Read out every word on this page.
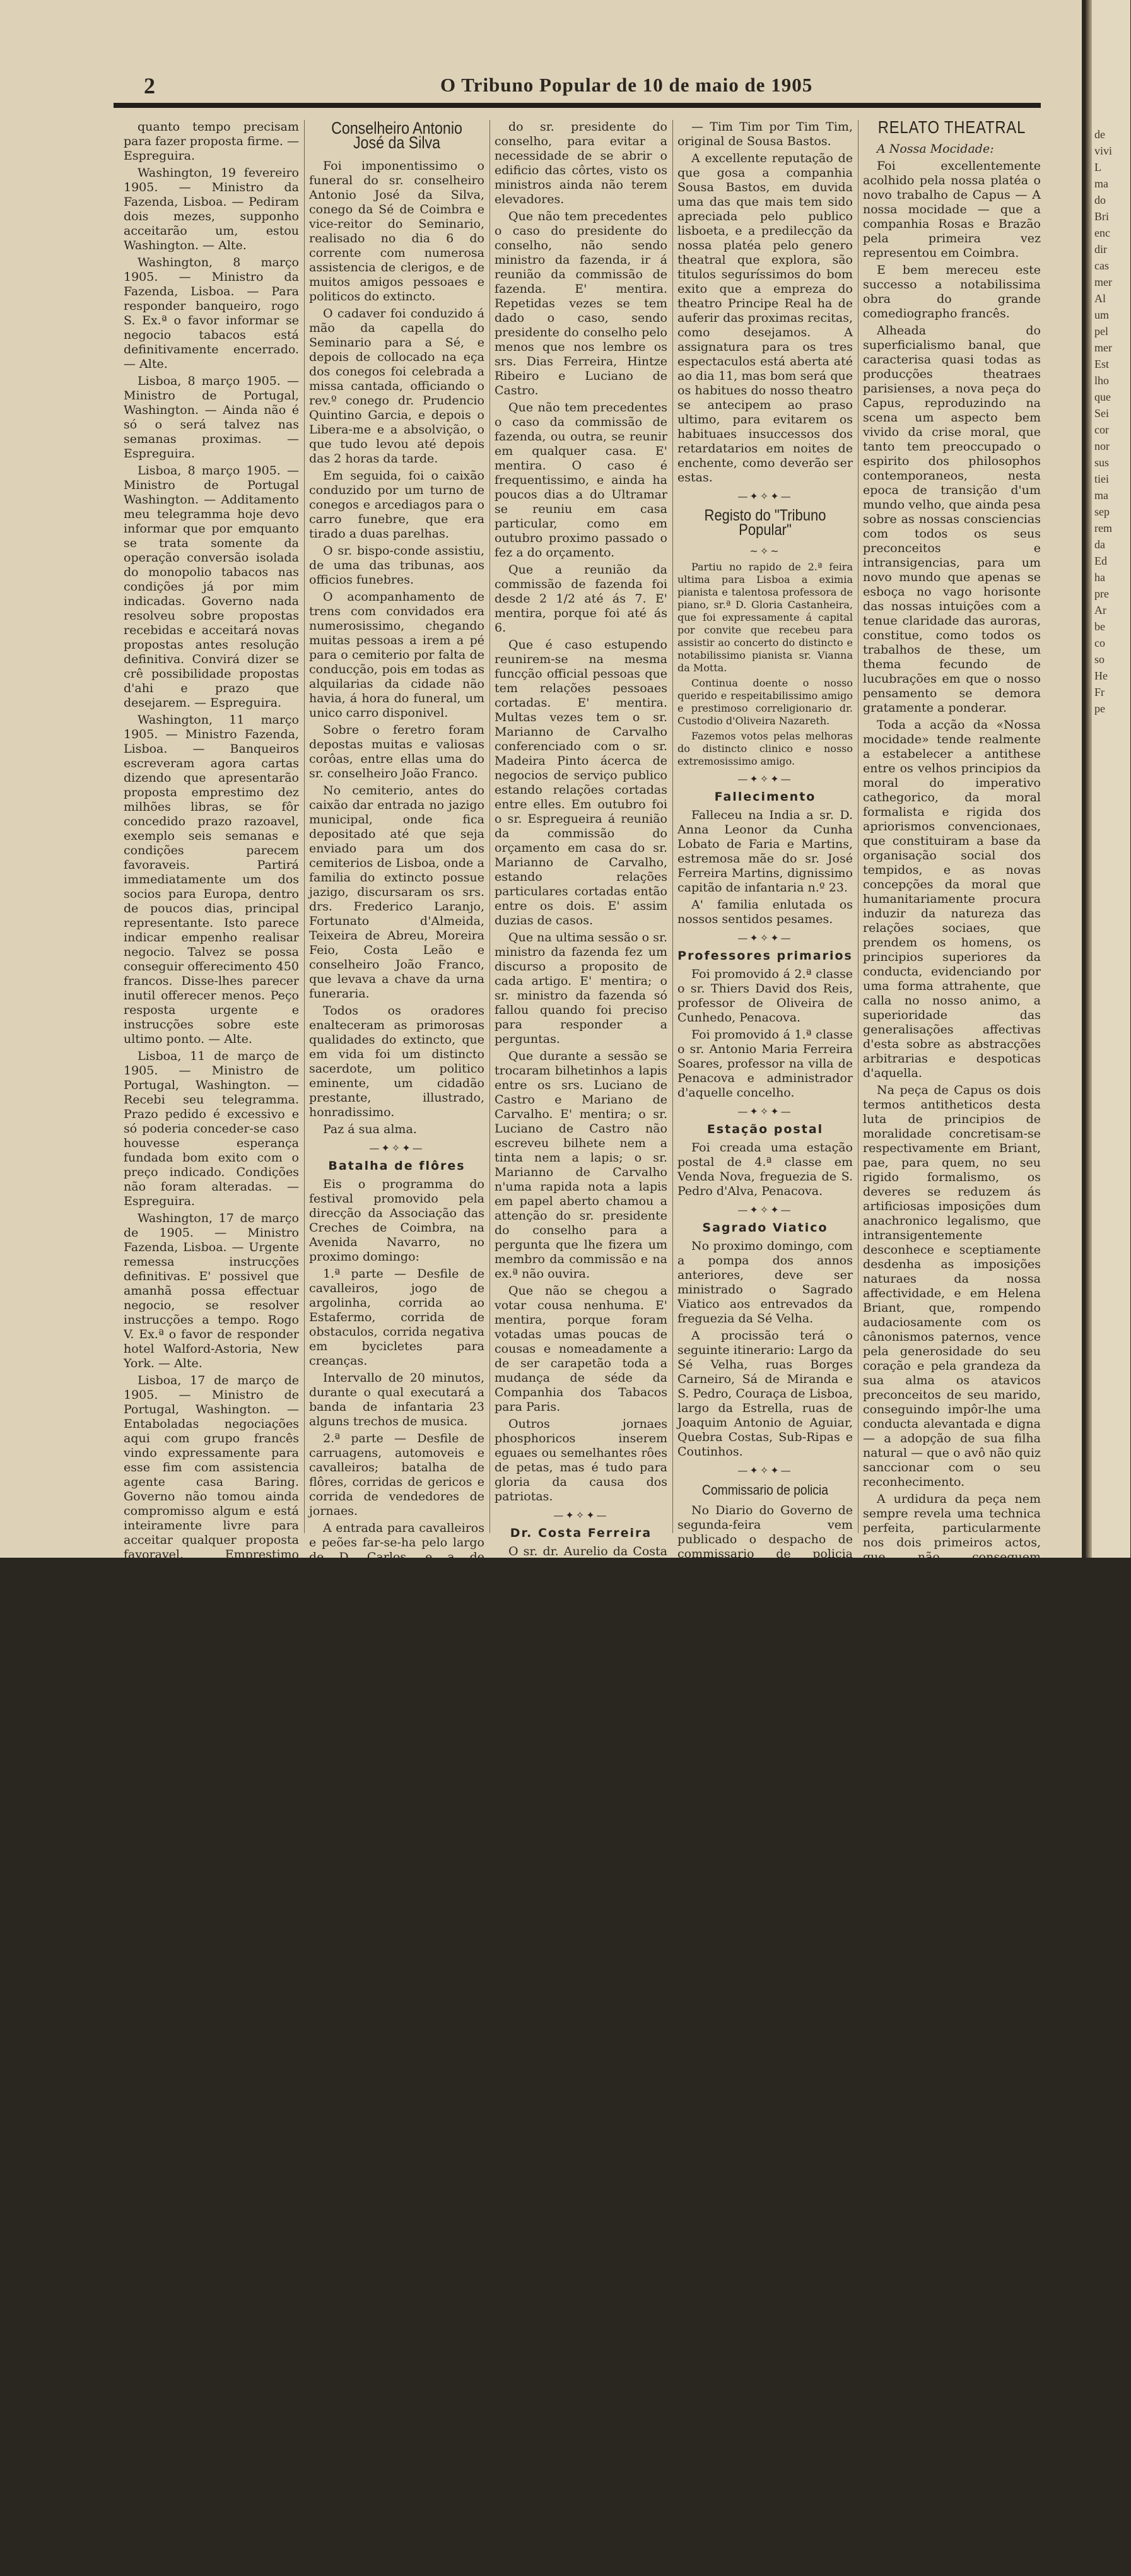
2	O Tribuno Popular de 10 de maio de 1905

quanto tempo precisam para fazer proposta firme. — Espreguira.

Washington, 19 fevereiro 1905. — Ministro da Fazenda, Lisboa. — Pediram dois mezes, supponho acceitarão um, estou Washington. — Alte.

Washington, 8 março 1905. — Ministro da Fazenda, Lisboa. — Para responder banqueiro, rogo S. Ex.ª o favor informar se negocio tabacos está definitivamente encerrado. — Alte.

Lisboa, 8 março 1905. — Ministro de Portugal, Washington. — Ainda não é só o será talvez nas semanas proximas. — Espreguira.

Lisboa, 8 março 1905. — Ministro de Portugal Washington. — Additamento meu telegramma hoje devo informar que por emquanto se trata somente da operação conversão isolada do monopolio tabacos nas condições já por mim indicadas. Governo nada resolveu sobre propostas recebidas e acceitará novas propostas antes resolução definitiva. Convirá dizer se crê possibilidade propostas d'ahi e prazo que desejarem. — Espreguira.

Washington, 11 março 1905. — Ministro Fazenda, Lisboa. — Banqueiros escreveram agora cartas dizendo que apresentarão proposta emprestimo dez milhões libras, se fôr concedido prazo razoavel, exemplo seis semanas e condições parecem favoraveis. Partirá immediatamente um dos socios para Europa, dentro de poucos dias, principal representante. Isto parece indicar empenho realisar negocio. Talvez se possa conseguir offerecimento 450 francos. Disse-lhes parecer inutil offerecer menos. Peço resposta urgente e instrucções sobre este ultimo ponto. — Alte.

Lisboa, 11 de março de 1905. — Ministro de Portugal, Washington. — Recebi seu telegramma. Prazo pedido é excessivo e só poderia conceder-se caso houvesse esperança fundada bom exito com o preço indicado. Condições não foram alteradas. — Espreguira.

Washington, 17 de março de 1905. — Ministro Fazenda, Lisboa. — Urgente remessa instrucções definitivas. E' possivel que amanhã possa effectuar negocio, se resolver instrucções a tempo. Rogo V. Ex.ª o favor de responder hotel Walford-Astoria, New York. — Alte.

Lisboa, 17 de março de 1905. — Ministro de Portugal, Washington. — Entaboladas negociações aqui com grupo francês vindo expressamente para esse fim com assistencia agente casa Baring. Governo não tomou ainda compromisso algum e está inteiramente livre para acceitar qualquer proposta favoravel. Emprestimo separado do monopolio, dando como garantia receita tabacos, qualquer que seja systema exploração. Preço firme de 450 francos por obrigação, ficando unicamente cargo Governo entrega titulos definitivos e sêllo, seria acceitavel se houver garantia absolutamente segura. Bastará que banqueiros tenham a esse preço numero obrigações necessarias para se obterem de 6 a 8 milhões libras. Resto de obrigações até prefazerem 600 mil, poderão ficar reservadas para Governo com opção de parte, se tomadores quizerem.

Creio podemos esperar alguns dias, mas se obtivermos promptamente melhores condições de banqueiros francezes, não poderemos recusar. Continue não obstante diligencias que poderão ser coroadas de bom exito, se banqueiros francezes demorarem resolução. Preço maximo offerecido pouco inferior ao indicado. Producto do emprestimo a entregar em Paris ou Londres, antes de 1 de outubro proximo. — Espreguira.

Lisboa, 22 de março, 1905. — Ministro de Portugal, Washington. — Banqueiros podem apresentar proposta com clausula expressa de continuar monopolio 1907 a 1926, explorado pela actual ou outra companhia, devendo Governo reembolsar o capital em divida em 1926, se nesse anno cessar monopolio. — Espreguira.

(Continúa).

—✦✧✦—
Fontes

O governo mandou construir uma fonte em Penalva d'Alva, concelho de Oliveira do Hospital, cuja despeza está orçada em 150$000 réis e outra na Ademia, concelho de Coimbra, para a qual designou a verba de 250$000 réis.

Muitos agradecimentos.

Conselheiro Antonio José da Silva

Foi imponentissimo o funeral do sr. conselheiro Antonio José da Silva, conego da Sé de Coimbra e vice-reitor do Seminario, realisado no dia 6 do corrente com numerosa assistencia de clerigos, e de muitos amigos pessoaes e politicos do extincto.

O cadaver foi conduzido á mão da capella do Seminario para a Sé, e depois de collocado na eça dos conegos foi celebrada a missa cantada, officiando o rev.º conego dr. Prudencio Quintino Garcia, e depois o Libera-me e a absolvição, o que tudo levou até depois das 2 horas da tarde.

Em seguida, foi o caixão conduzido por um turno de conegos e arcediagos para o carro funebre, que era tirado a duas parelhas.

O sr. bispo-conde assistiu, de uma das tribunas, aos officios funebres.

O acompanhamento de trens com convidados era numerosissimo, chegando muitas pessoas a irem a pé para o cemiterio por falta de conducção, pois em todas as alquilarias da cidade não havia, á hora do funeral, um unico carro disponivel.

Sobre o feretro foram depostas muitas e valiosas corôas, entre ellas uma do sr. conselheiro João Franco.

No cemiterio, antes do caixão dar entrada no jazigo municipal, onde fica depositado até que seja enviado para um dos cemiterios de Lisboa, onde a familia do extincto possue jazigo, discursaram os srs. drs. Frederico Laranjo, Fortunato d'Almeida, Teixeira de Abreu, Moreira Feio, Costa Leão e conselheiro João Franco, que levava a chave da urna funeraria.

Todos os oradores enalteceram as primorosas qualidades do extincto, que em vida foi um distincto sacerdote, um politico eminente, um cidadão prestante, illustrado, honradissimo.

Paz á sua alma.

—✦✧✦—
Batalha de flôres

Eis o programma do festival promovido pela direcção da Associação das Creches de Coimbra, na Avenida Navarro, no proximo domingo:

1.ª parte — Desfile de cavalleiros, jogo de argolinha, corrida ao Estafermo, corrida de obstaculos, corrida negativa em bycicletes para creanças.

Intervallo de 20 minutos, durante o qual executará a banda de infantaria 23 alguns trechos de musica.

2.ª parte — Desfile de carruagens, automoveis e cavalleiros; batalha de flôres, corridas de gericos e corrida de vendedores de jornaes.

A entrada para cavalleiros e peões far-se-ha pelo largo de D. Carlos, e a de carruagens e automoveis pelo largo das Ameias.

—✦✧✦—
Rol das petas

Sob a epigraphe Rol das petas, diz o Popular de hoje:

Este rol é enorme, incluindo as petas graciosas dos phosphoros, do Seligmann, da séde para Paris e outras muitas. Agora temos á bica as petas ácerca da penultima reunião da commissão de fazenda.

Rol do Seculo. — Que a sessão da commissão de fazenda se suspendeu para se reconciliarem os srs. Luciano de Castro e Marianno de Carvalho, havendo commoção profunda e longa pausa. Tudo isto é mentira. Estando já presentes o sr. Marianno de Carvalho e outros membros da commissão, mas não começada a sessão, entrou o sr. Luciano de Castro, que cumprimentou todos os presentes incluindo o sr. Marianno de Carvalho, que correspondeu ao cumprimento. Nem se interrompeu sessão nem houve commoções grandes ou pequenas.

Que o presidente do conselho foi fazer pressão sobre a commissão. E' mentira porque começou por declarar não pôr questão politica e desejar a lei e contracto tão melhorados quanto possivel.

Que a commissão ao findar a sessão resolveu reunir-se de futuro em casa do sr. presidente do conselho. E' mentira. O presidente da commissão disse, que concorreria a qualquer sessão em qualquer sala, quando não houvesse necessidade de subir escadas, e quando não tivesse que expôr-se á friagem da noite. Declarou não ter duvida em ir a casa do sr. presidente do conselho, e por tambem a sua casa á disposição da commissão. Resolveu-se que a primeira sessão fosse domingo e em casa

do sr. presidente do conselho, para evitar a necessidade de se abrir o edificio das côrtes, visto os ministros ainda não terem elevadores.

Que não tem precedentes o caso do presidente do conselho, não sendo ministro da fazenda, ir á reunião da commissão de fazenda. E' mentira. Repetidas vezes se tem dado o caso, sendo presidente do conselho pelo menos que nos lembre os srs. Dias Ferreira, Hintze Ribeiro e Luciano de Castro.

Que não tem precedentes o caso da commissão de fazenda, ou outra, se reunir em qualquer casa. E' mentira. O caso é frequentissimo, e ainda ha poucos dias a do Ultramar se reuniu em casa particular, como em outubro proximo passado o fez a do orçamento.

Que a reunião da commissão de fazenda foi desde 2 1/2 até ás 7. E' mentira, porque foi até ás 6.

Que é caso estupendo reunirem-se na mesma funcção official pessoas que tem relações pessoaes cortadas. E' mentira. Multas vezes tem o sr. Marianno de Carvalho conferenciado com o sr. Madeira Pinto ácerca de negocios de serviço publico estando relações cortadas entre elles. Em outubro foi o sr. Espregueira á reunião da commissão do orçamento em casa do sr. Marianno de Carvalho, estando relações particulares cortadas então entre os dois. E' assim duzias de casos.

Que na ultima sessão o sr. ministro da fazenda fez um discurso a proposito de cada artigo. E' mentira; o sr. ministro da fazenda só fallou quando foi preciso para responder a perguntas.

Que durante a sessão se trocaram bilhetinhos a lapis entre os srs. Luciano de Castro e Mariano de Carvalho. E' mentira; o sr. Luciano de Castro não escreveu bilhete nem a tinta nem a lapis; o sr. Marianno de Carvalho n'uma rapida nota a lapis em papel aberto chamou a attenção do sr. presidente do conselho para a pergunta que lhe fizera um membro da commissão e na ex.ª não ouvira.

Que não se chegou a votar cousa nenhuma. E' mentira, porque foram votadas umas poucas de cousas e nomeadamente a de ser carapetão toda a mudança de séde da Companhia dos Tabacos para Paris.

Outros jornaes phosphoricos inserem eguaes ou semelhantes rôes de petas, mas é tudo para gloria da causa dos patriotas.

—✦✧✦—
Dr. Costa Ferreira

O sr. dr. Aurelio da Costa Ferreira, licenciado na faculdade de philosophia e quintanista da faculdade de medicina, foi nomeado socio effectivo da Sociedade de Geographia de Lisboa.

—✦✧✦—
Lyceu de Coimbra

Foi nomeado, mediante concurso, professor do lyceu de Coimbra o sr. Augusto Cesar Correia d'Aguiar.

—✦✧✦—
Roubo

Está preso no commissariado de policia José Maria Leal, do concelho da Figueira da Foz, por ter furtado a Augusto Bento da Silva Rascão, de Carvalhaes de Lavos, 152$000 réis, segundo confissão do proprio preso.

O vasculho, a rescender hydrophobia:

«Na quarta-feira, vespera da reunião da commissão dos tabacos, o sr. conde de Burnay procurou em sua casa o sr. conselheiro José Luciano de Castro, com quem conferenciou largamente.»

E' absolutamente falso.

—✦✧✦—
Theatro Principe Real

A empreza do Theatro Principe Real vae mimosear-nos esta semana, nos dias 12, 13 e 14, com tres magnificas recitas pela Companhia Sousa Bastos, de que fazem parte, entre outros artistas de merecimento, a notavel actriz Palmyra Bastos e o apreciado comico Alfredo de Carvalho.

No primeiro espectaculo, na sexta-feira, será representada, segundo diz o cartaz, a opera comica de Audran, vertida em portuguez pelos srs. Souza Bastos e Accacio Antunes com o titulo — a Boneca —; no segundo, no sabbado, serão levadas á scena a comedia lyrica — Zaneto — e a opera burlesca — Fausto o Petiz; no terceiro, no domingo, a conhecida e apreciada revista

— Tim Tim por Tim Tim, original de Sousa Bastos.

A excellente reputação de que gosa a companhia Sousa Bastos, em duvida uma das que mais tem sido apreciada pelo publico lisboeta, e a predilecção da nossa platéa pelo genero theatral que explora, são titulos seguríssimos do bom exito que a empreza do theatro Principe Real ha de auferir das proximas recitas, como desejamos. A assignatura para os tres espectaculos está aberta até ao dia 11, mas bom será que os habitues do nosso theatro se antecipem ao praso ultimo, para evitarem os habituaes insuccessos dos retardatarios em noites de enchente, como deverão ser estas.

—✦✧✦—
Registo do "Tribuno Popular"
~✧~

Partiu no rapido de 2.ª feira ultima para Lisboa a eximia pianista e talentosa professora de piano, sr.ª D. Gloria Castanheira, que foi expressamente á capital por convite que recebeu para assistir ao concerto do distincto e notabilissimo pianista sr. Vianna da Motta.

Continua doente o nosso querido e respeitabilissimo amigo e prestimoso correligionario dr. Custodio d'Oliveira Nazareth.

Fazemos votos pelas melhoras do distincto clinico e nosso extremosissimo amigo.

—✦✧✦—
Fallecimento

Falleceu na India a sr. D. Anna Leonor da Cunha Lobato de Faria e Martins, estremosa mãe do sr. José Ferreira Martins, dignissimo capitão de infantaria n.º 23.

A' familia enlutada os nossos sentidos pesames.

—✦✧✦—
Professores primarios

Foi promovido á 2.ª classe o sr. Thiers David dos Reis, professor de Oliveira de Cunhedo, Penacova.

Foi promovido á 1.ª classe o sr. Antonio Maria Ferreira Soares, professor na villa de Penacova e administrador d'aquelle concelho.

—✦✧✦—
Estação postal

Foi creada uma estação postal de 4.ª classe em Venda Nova, freguezia de S. Pedro d'Alva, Penacova.

—✦✧✦—
Sagrado Viatico

No proximo domingo, com a pompa dos annos anteriores, deve ser ministrado o Sagrado Viatico aos entrevados da freguezia da Sé Velha.

A procissão terá o seguinte itinerario: Largo da Sé Velha, ruas Borges Carneiro, Sá de Miranda e S. Pedro, Couraça de Lisboa, largo da Estrella, ruas de Joaquim Antonio de Aguiar, Quebra Costas, Sub-Ripas e Coutinhos.

—✦✧✦—
Commissario de policia

No Diario do Governo de segunda-feira vem publicado o despacho de commissario de policia d'este districto, do sr. capitão Joaquim José Ferreira de Aguiar.

Muito affectuosas bem-vindas a sua ex.ª

—✦✧✦—
Ponte de Montemór

O governo determinou que o sr. director de Obras Publicas d'este districto proceda ao estudo do ante-projecto d'uma ponte metallica sobre o Mondego, no local da Levandeira ou Casal Novo do Rio, proximo da villa de Montemór-o-Velho.

Felicitamos cordealmente os nossos amigos d'aquelle concelho.

—✦✧✦—
Suffragios

O Definitorio da Veneravel Ordem Terceira, manda resar tres missas, na sua igreja do Carmo, nos dias 11, 12 e 13 do corrente, pelas 7 e meia horas da manhã, pela alma do sr. conselheiro conego Antonio José da Silva irmão que foi d'esta Ordem.

A familia do fallecido é convidada a assistir.

—✦✧✦—
Subsidio

Foi auctorisado o pagamento do subsidio concedido á egreja de Pereira, concelho de Montemór-o-Velho, pelo que felicitamos os nossos amigos d'aquella villa.

RELATO THEATRAL

A Nossa Mocidade:

Foi excellentemente acolhido pela nossa platéa o novo trabalho de Capus — A nossa mocidade — que a companhia Rosas e Brazão pela primeira vez representou em Coimbra.

E bem mereceu este successo a notabilissima obra do grande comediographo francês.

Alheada do superficialismo banal, que caracterisa quasi todas as producções theatraes parisienses, a nova peça do Capus, reproduzindo na scena um aspecto bem vivido da crise moral, que tanto tem preoccupado o espirito dos philosophos contemporaneos, nesta epoca de transição d'um mundo velho, que ainda pesa sobre as nossas consciencias com todos os seus preconceitos e intransigencias, para um novo mundo que apenas se esboça no vago horisonte das nossas intuições com a tenue claridade das auroras, constitue, como todos os trabalhos de these, um thema fecundo de lucubrações em que o nosso pensamento se demora gratamente a ponderar.

Toda a acção da «Nossa mocidade» tende realmente a estabelecer a antithese entre os velhos principios da moral do imperativo cathegorico, da moral formalista e rigida dos apriorismos convencionaes, que constituiram a base da organisação social dos tempidos, e as novas concepções da moral que humanitariamente procura induzir da natureza das relações sociaes, que prendem os homens, os principios superiores da conducta, evidenciando por uma forma attrahente, que calla no nosso animo, a superioridade das generalisações affectivas d'esta sobre as abstracções arbitrarias e despoticas d'aquella.

Na peça de Capus os dois termos antitheticos desta luta de principios de moralidade concretisam-se respectivamente em Briant, pae, para quem, no seu rigido formalismo, os deveres se reduzem ás artificiosas imposições dum anachronico legalismo, que intransigentemente desconhece e sceptiamente desdenha as imposições naturaes da nossa affectividade, e em Helena Briant, que, rompendo audaciosamente com os cânonismos paternos, vence pela generosidade do seu coração e pela grandeza da sua alma os atavicos preconceitos de seu marido, conseguindo impôr-lhe uma conducta alevantada e digna — a adopção de sua filha natural — que o avô não quiz sanccionar com o seu reconhecimento.

A urdidura da peça nem sempre revela uma technica perfeita, particularmente nos dois primeiros actos, que não conseguem interessar o publico, mas este defeito é superabundantemente compensado nos seguintes, que podem quasi reputar-se impeccaveis.

A acção desenrola-se desta maneira:

Luciano Briant e sua esposa Helena Briant, vão, acompanhados pelo pae de Luciano, passar uns dias para Trouville, em casa d'um amigo e companheiro de juventude, Chartier, que vive em companhia d'uma irmã Laura de Roine.

Luciano Briant tem, d'uma ligação da mocidade, uma filha natural, Luciana, a quem a mãe pouco antes de morrer, confia o nome do pae, dando-lhe ao mesmo tempo uma photographia que possue d'elle e recommendando-lhe que, quando na sua vida encontrar embaraços, se dirija a Chartier, dizendo-lhe de quem é filha, pois tem a certeza de que elle a aconselhará bem e procurará arranjar-lhe collocação, onde ella possa dignamente ganhar os meios de subsistencia.

Achando-se nestas circumstancias, procura Chartier que, ao saber de quem ella é filha, fica bastante perplexo acabando porém por declarar-lhe que o pae é seu hospede nessa occasião. Luciana pede-lhe para não lho dizer nada, em vista de sua mãe, á hora da morte, lhe recommendar que nunca se lhe dirigisse, pois que ella tinha cumprido para com ella todos os deveres a que se achara obrigado; Chartier compromette-se a nada dizer a Luciano, mas a irmã, Laura de Roine, a quem elle conta tudo, e que, ao encontrar-se com Luciana pela primeira vez, sente logo por ella profunda sympathia, entende que o melhor é dizel-o a Luciano Briant; pois está convencida que elle se sentirá feliz por ver a filha, mas este, que é um caracter irresoluto e que nada faz sem consultar o pae, não quer ver a filha, mas declara que lhe estabelece uma pensão annual, com a condição

de
vivi
L
ma
do
Bri
enc
dir
cas
mer
Al
um
pel
mer
Est
lho
que
Sei
cor
nor
sus
tiei
ma
sep
rem
da
Ed
ha
pre
Ar
be
co
so
He
Fr
pe
